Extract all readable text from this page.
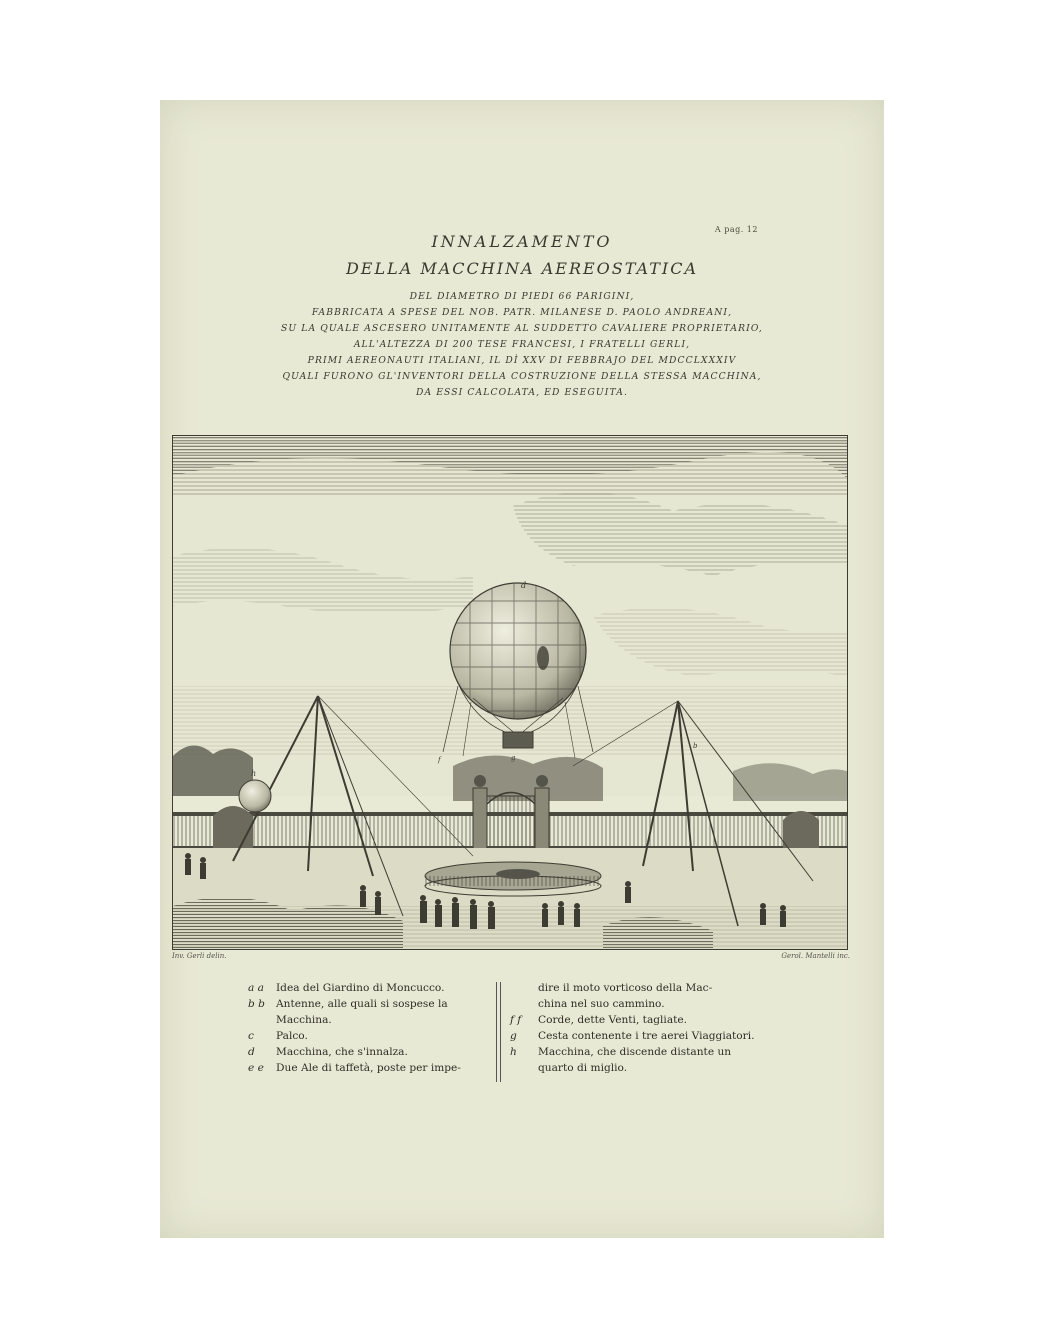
A pag. 12
INNALZAMENTO
DELLA MACCHINA AEREOSTATICA
DEL DIAMETRO DI PIEDI 66 PARIGINI,
FABBRICATA A SPESE DEL NOB. PATR. MILANESE D. PAOLO ANDREANI,
SU LA QUALE ASCESERO UNITAMENTE AL SUDDETTO CAVALIERE PROPRIETARIO,
ALL'ALTEZZA DI 200 TESE FRANCESI, I FRATELLI GERLI,
PRIMI AEREONAUTI ITALIANI, IL DÌ XXV DI FEBBRAJO DEL MDCCLXXXIV
QUALI FURONO GL'INVENTORI DELLA COSTRUZIONE DELLA STESSA MACCHINA,
DA ESSI CALCOLATA, ED ESEGUITA.
h
d
f	g
b
Inv. Gerli delin.	Gerol. Mantelli inc.
a a	Idea del Giardino di Moncucco.
b b	Antenne, alle quali si sospese la
Macchina.
c	Palco.
d	Macchina, che s'innalza.
e e	Due Ale di taffetà, poste per impe-
dire il moto vorticoso della Mac-
china nel suo cammino.
f f	Corde, dette Venti, tagliate.
g	Cesta contenente i tre aerei Viaggiatori.
h	Macchina, che discende distante un
quarto di miglio.
